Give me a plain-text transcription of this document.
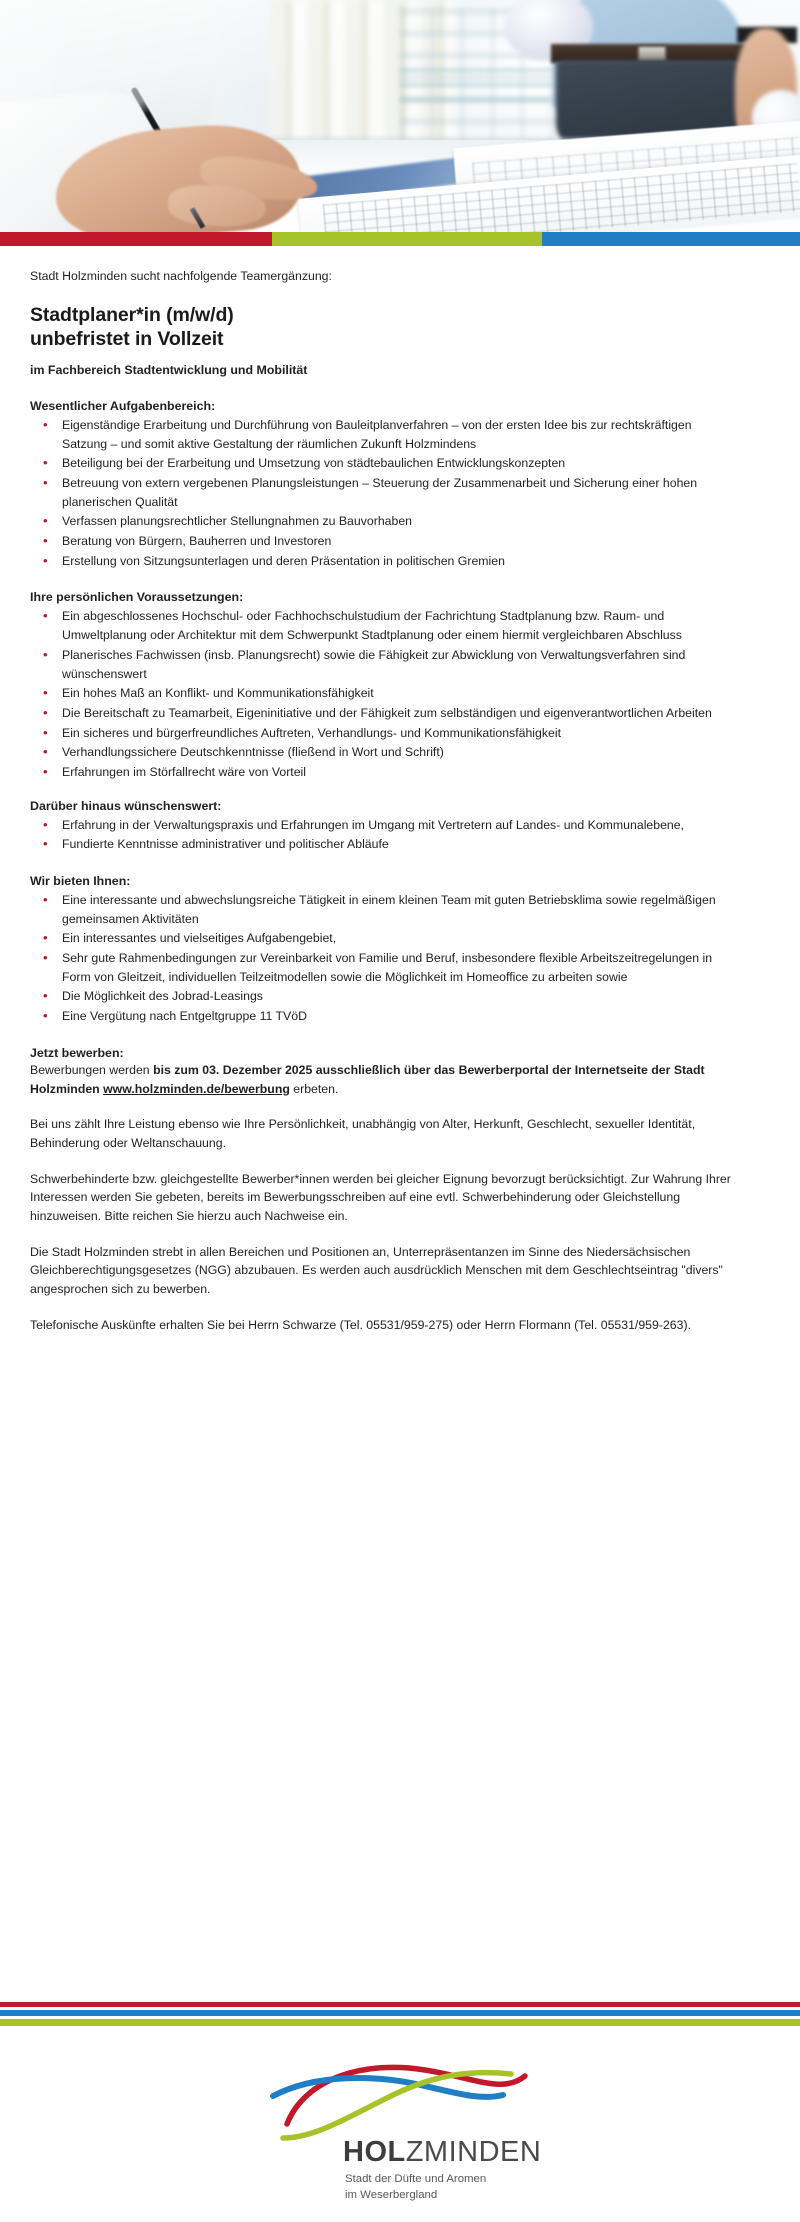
Stadt Holzminden sucht nachfolgende Teamergänzung:
Stadtplaner*in (m/w/d)
unbefristet in Vollzeit
im Fachbereich Stadtentwicklung und Mobilität
Wesentlicher Aufgabenbereich:
• Eigenständige Erarbeitung und Durchführung von Bauleitplanverfahren – von der ersten Idee bis zur rechtskräftigen Satzung – und somit aktive Gestaltung der räumlichen Zukunft Holzmindens
• Beteiligung bei der Erarbeitung und Umsetzung von städtebaulichen Entwicklungskonzepten
• Betreuung von extern vergebenen Planungsleistungen – Steuerung der Zusammenarbeit und Sicherung einer hohen planerischen Qualität
• Verfassen planungsrechtlicher Stellungnahmen zu Bauvorhaben
• Beratung von Bürgern, Bauherren und Investoren
• Erstellung von Sitzungsunterlagen und deren Präsentation in politischen Gremien
Ihre persönlichen Voraussetzungen:
• Ein abgeschlossenes Hochschul- oder Fachhochschulstudium der Fachrichtung Stadtplanung bzw. Raum- und Umweltplanung oder Architektur mit dem Schwerpunkt Stadtplanung oder einem hiermit vergleichbaren Abschluss
• Planerisches Fachwissen (insb. Planungsrecht) sowie die Fähigkeit zur Abwicklung von Verwaltungsverfahren sind wünschenswert
• Ein hohes Maß an Konflikt- und Kommunikationsfähigkeit
• Die Bereitschaft zu Teamarbeit, Eigeninitiative und der Fähigkeit zum selbständigen und eigenverantwortlichen Arbeiten
• Ein sicheres und bürgerfreundliches Auftreten, Verhandlungs- und Kommunikationsfähigkeit
• Verhandlungssichere Deutschkenntnisse (fließend in Wort und Schrift)
• Erfahrungen im Störfallrecht wäre von Vorteil
Darüber hinaus wünschenswert:
• Erfahrung in der Verwaltungspraxis und Erfahrungen im Umgang mit Vertretern auf Landes- und Kommunalebene,
• Fundierte Kenntnisse administrativer und politischer Abläufe
Wir bieten Ihnen:
• Eine interessante und abwechslungsreiche Tätigkeit in einem kleinen Team mit guten Betriebsklima sowie regelmäßigen gemeinsamen Aktivitäten
• Ein interessantes und vielseitiges Aufgabengebiet,
• Sehr gute Rahmenbedingungen zur Vereinbarkeit von Familie und Beruf, insbesondere flexible Arbeitszeitregelungen in Form von Gleitzeit, individuellen Teilzeitmodellen sowie die Möglichkeit im Homeoffice zu arbeiten sowie
• Die Möglichkeit des Jobrad-Leasings
• Eine Vergütung nach Entgeltgruppe 11 TVöD
Jetzt bewerben:
Bewerbungen werden bis zum 03. Dezember 2025 ausschließlich über das Bewerberportal der Internetseite der Stadt Holzminden www.holzminden.de/bewerbung erbeten.
Bei uns zählt Ihre Leistung ebenso wie Ihre Persönlichkeit, unabhängig von Alter, Herkunft, Geschlecht, sexueller Identität, Behinderung oder Weltanschauung.
Schwerbehinderte bzw. gleichgestellte Bewerber*innen werden bei gleicher Eignung bevorzugt berücksichtigt. Zur Wahrung Ihrer Interessen werden Sie gebeten, bereits im Bewerbungsschreiben auf eine evtl. Schwerbehinderung oder Gleichstellung hinzuweisen. Bitte reichen Sie hierzu auch Nachweise ein.
Die Stadt Holzminden strebt in allen Bereichen und Positionen an, Unterrepräsentanzen im Sinne des Niedersächsischen Gleichberechtigungsgesetzes (NGG) abzubauen. Es werden auch ausdrücklich Menschen mit dem Geschlechtseintrag "divers" angesprochen sich zu bewerben.
Telefonische Auskünfte erhalten Sie bei Herrn Schwarze (Tel. 05531/959-275) oder Herrn Flormann (Tel. 05531/959-263).
HOLZMINDEN
Stadt der Düfte und Aromen
im Weserbergland
